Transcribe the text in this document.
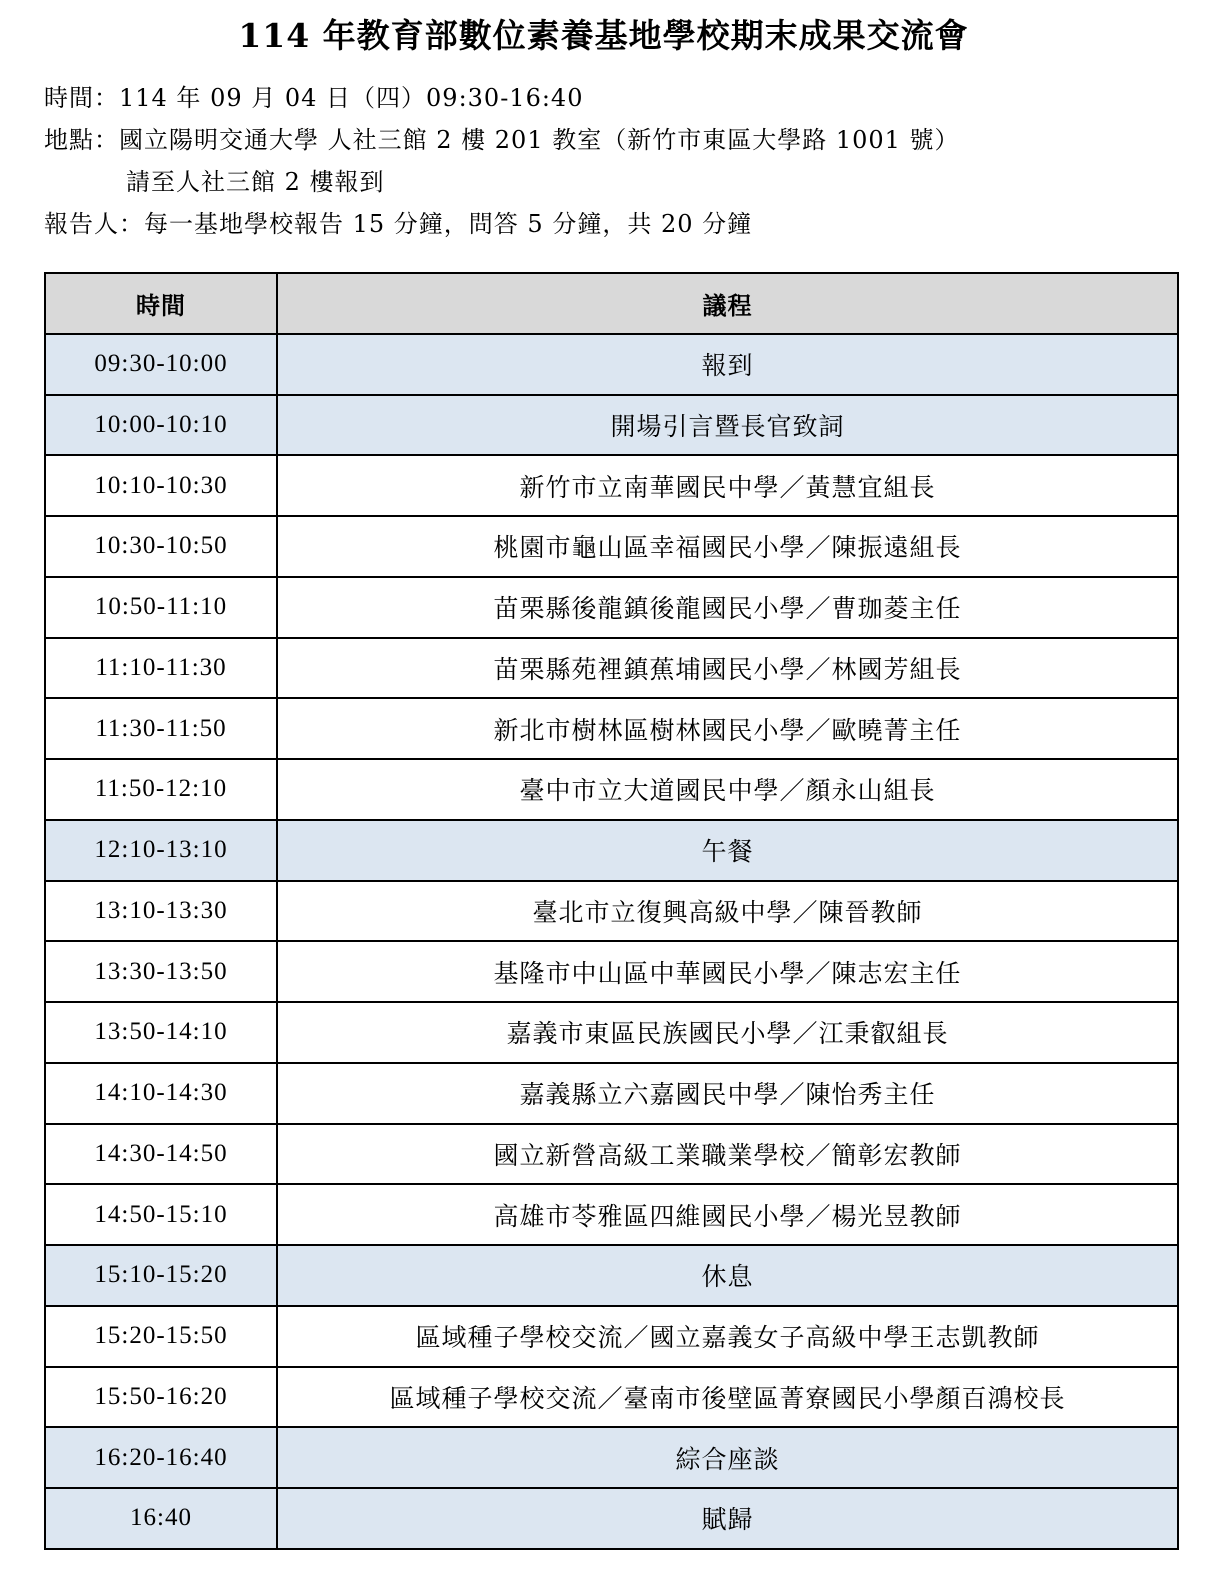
114 年教育部數位素養基地學校期末成果交流會
時間：114 年 09 月 04 日（四）09:30-16:40
地點：國立陽明交通大學 人社三館 2 樓 201 教室（新竹市東區大學路 1001 號）
請至人社三館 2 樓報到
報告人：每一基地學校報告 15 分鐘，問答 5 分鐘，共 20 分鐘
時間	議程
09:30-10:00	報到
10:00-10:10	開場引言暨長官致詞
10:10-10:30	新竹市立南華國民中學／黃慧宜組長
10:30-10:50	桃園市龜山區幸福國民小學／陳振遠組長
10:50-11:10	苗栗縣後龍鎮後龍國民小學／曹珈菱主任
11:10-11:30	苗栗縣苑裡鎮蕉埔國民小學／林國芳組長
11:30-11:50	新北市樹林區樹林國民小學／歐曉菁主任
11:50-12:10	臺中市立大道國民中學／顏永山組長
12:10-13:10	午餐
13:10-13:30	臺北市立復興高級中學／陳晉教師
13:30-13:50	基隆市中山區中華國民小學／陳志宏主任
13:50-14:10	嘉義市東區民族國民小學／江秉叡組長
14:10-14:30	嘉義縣立六嘉國民中學／陳怡秀主任
14:30-14:50	國立新營高級工業職業學校／簡彰宏教師
14:50-15:10	高雄市苓雅區四維國民小學／楊光昱教師
15:10-15:20	休息
15:20-15:50	區域種子學校交流／國立嘉義女子高級中學王志凱教師
15:50-16:20	區域種子學校交流／臺南市後壁區菁寮國民小學顏百鴻校長
16:20-16:40	綜合座談
16:40	賦歸
